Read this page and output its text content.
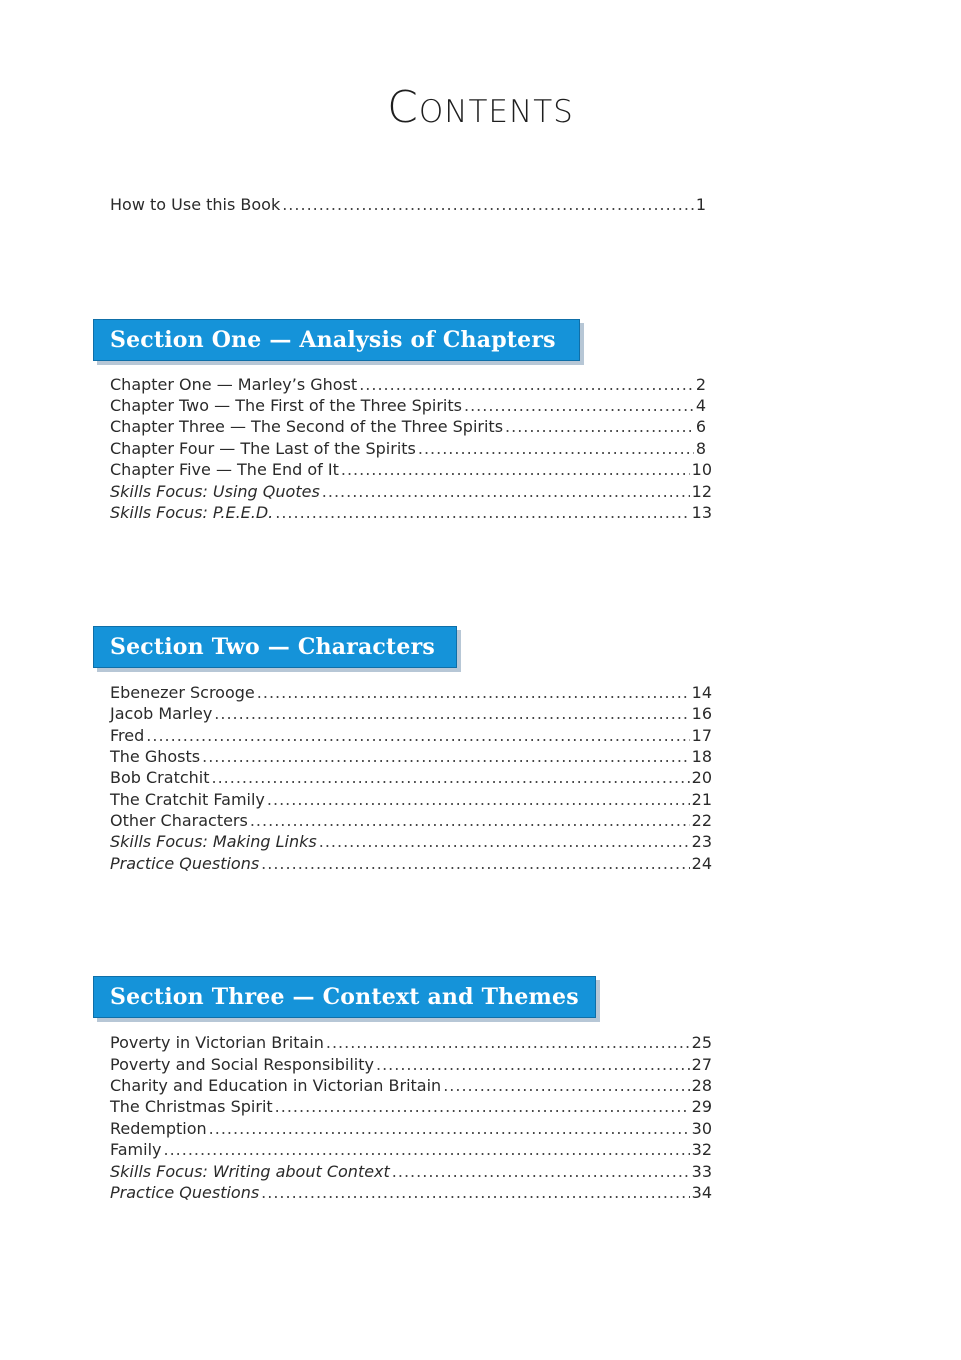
Contents
How to Use this Book .....	1
Section One — Analysis of Chapters
Chapter One — Marley’s Ghost .....	2
Chapter Two — The First of the Three Spirits .....	4
Chapter Three — The Second of the Three Spirits .....	6
Chapter Four — The Last of the Spirits .....	8
Chapter Five — The End of It .....	10
Skills Focus: Using Quotes .....	12
Skills Focus: P.E.E.D. .....	13
Section Two — Characters
Ebenezer Scrooge .....	14
Jacob Marley .....	16
Fred .....	17
The Ghosts .....	18
Bob Cratchit .....	20
The Cratchit Family .....	21
Other Characters .....	22
Skills Focus: Making Links .....	23
Practice Questions .....	24
Section Three — Context and Themes
Poverty in Victorian Britain .....	25
Poverty and Social Responsibility .....	27
Charity and Education in Victorian Britain .....	28
The Christmas Spirit .....	29
Redemption .....	30
Family .....	32
Skills Focus: Writing about Context .....	33
Practice Questions .....	34
